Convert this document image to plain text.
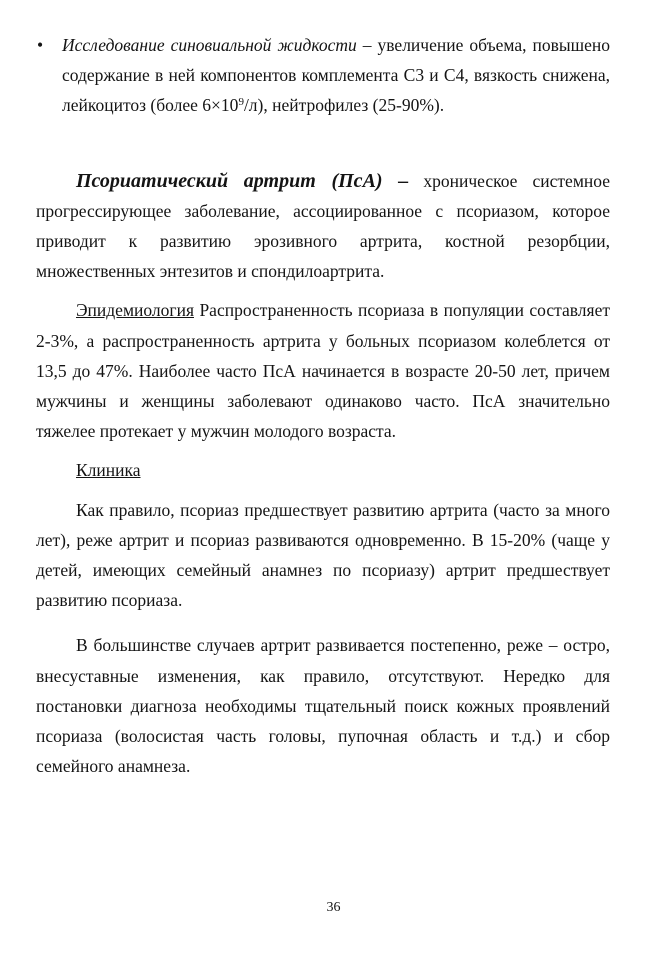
• Исследование синовиальной жидкости – увеличение объема, повышено содержание в ней компонентов комплемента С3 и С4, вязкость снижена, лейкоцитоз (более $6\times 10^9/л$), нейтрофилез (25-90%).

Псориатический артрит (ПсА) – хроническое системное прогрессирующее заболевание, ассоциированное с псориазом, которое приводит к развитию эрозивного артрита, костной резорбции, множественных энтезитов и спондилоартрита.

Эпидемиология Распространенность псориаза в популяции составляет 2-3%, а распространенность артрита у больных псориазом колеблется от 13,5 до 47%. Наиболее часто ПсА начинается в возрасте 20-50 лет, причем мужчины и женщины заболевают одинаково часто. ПсА значительно тяжелее протекает у мужчин молодого возраста.

Клиника

Как правило, псориаз предшествует развитию артрита (часто за много лет), реже артрит и псориаз развиваются одновременно. В 15-20% (чаще у детей, имеющих семейный анамнез по псориазу) артрит предшествует развитию псориаза.

В большинстве случаев артрит развивается постепенно, реже – остро, внесуставные изменения, как правило, отсутствуют. Нередко для постановки диагноза необходимы тщательный поиск кожных проявлений псориаза (волосистая часть головы, пупочная область и т.д.) и сбор семейного анамнеза.

36
